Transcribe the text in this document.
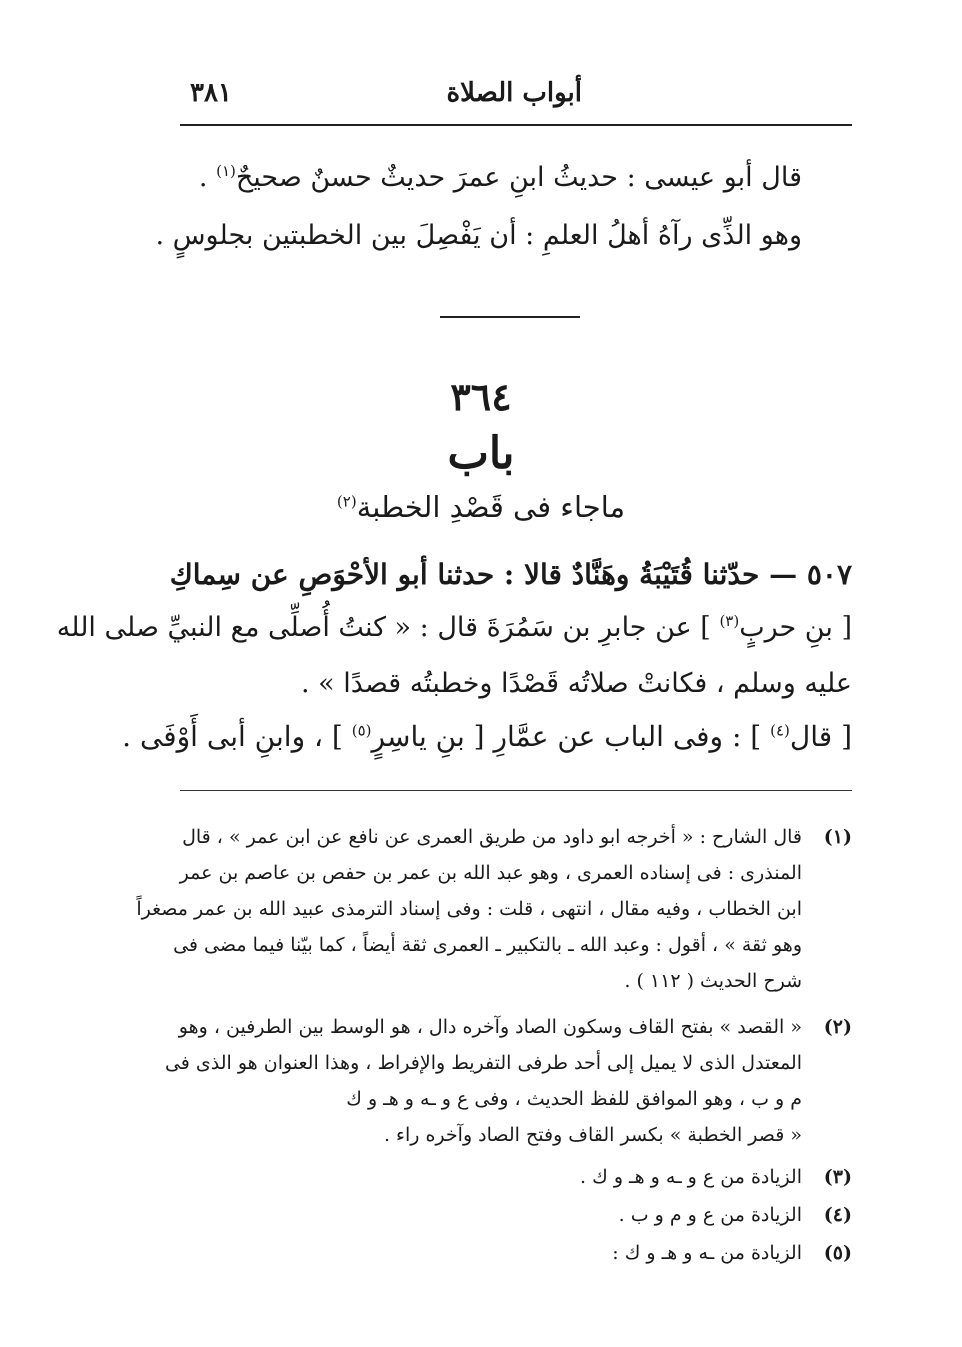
أبواب الصلاة
٣٨١
قال أبو عيسى : حديثُ ابنِ عمرَ حديثٌ حسنٌ صحيحٌ$^{(١)}$ .
وهو الذِّى رآهُ أهلُ العلمِ : أن يَفْصِلَ بين الخطبتين بجلوسٍ .
٣٦٤
باب
ماجاء فى قَصْدِ الخطبة$^{(٢)}$
٥٠٧ — حدّثنا قُتَيْبَةُ وهَنَّادٌ قالا : حدثنا أبو الأحْوَصِ عن سِماكِ
[ بنِ حربٍ$^{(٣)}$ ] عن جابرِ بن سَمُرَةَ قال : « كنتُ أُصلِّى مع النبيِّ صلى الله
عليه وسلم ، فكانتْ صلاتُه قَصْدًا وخطبتُه قصدًا » .
[ قال$^{(٤)}$ ] : وفى الباب عن عمَّارِ [ بنِ ياسِرٍ$^{(٥)}$ ] ، وابنِ أبى أَوْفَى .
(١)
قال الشارح : « أخرجه ابو داود من طريق العمرى عن نافع عن ابن عمر » ، قال
المنذرى : فى إسناده العمرى ، وهو عبد الله بن عمر بن حفص بن عاصم بن عمر
ابن الخطاب ، وفيه مقال ، انتهى ، قلت : وفى إسناد الترمذى عبيد الله بن عمر مصغراً
وهو ثقة » ، أقول : وعبد الله ـ بالتكبير ـ العمرى ثقة أيضاً ، كما بيّنا فيما مضى فى
شرح الحديث ( ١١٢ ) .
(٢)
« القصد » بفتح القاف وسكون الصاد وآخره دال ، هو الوسط بين الطرفين ، وهو
المعتدل الذى لا يميل إلى أحد طرفى التفريط والإفراط ، وهذا العنوان هو الذى فى
م و ب ، وهو الموافق للفظ الحديث ، وفى ع و ـه و هـ و ك
« قصر الخطبة » بكسر القاف وفتح الصاد وآخره راء .
(٣)
الزيادة من ع و ـه و هـ و ك .
(٤)
الزيادة من ع و م و ب .
(٥)
الزيادة من ـه و هـ و ك :
